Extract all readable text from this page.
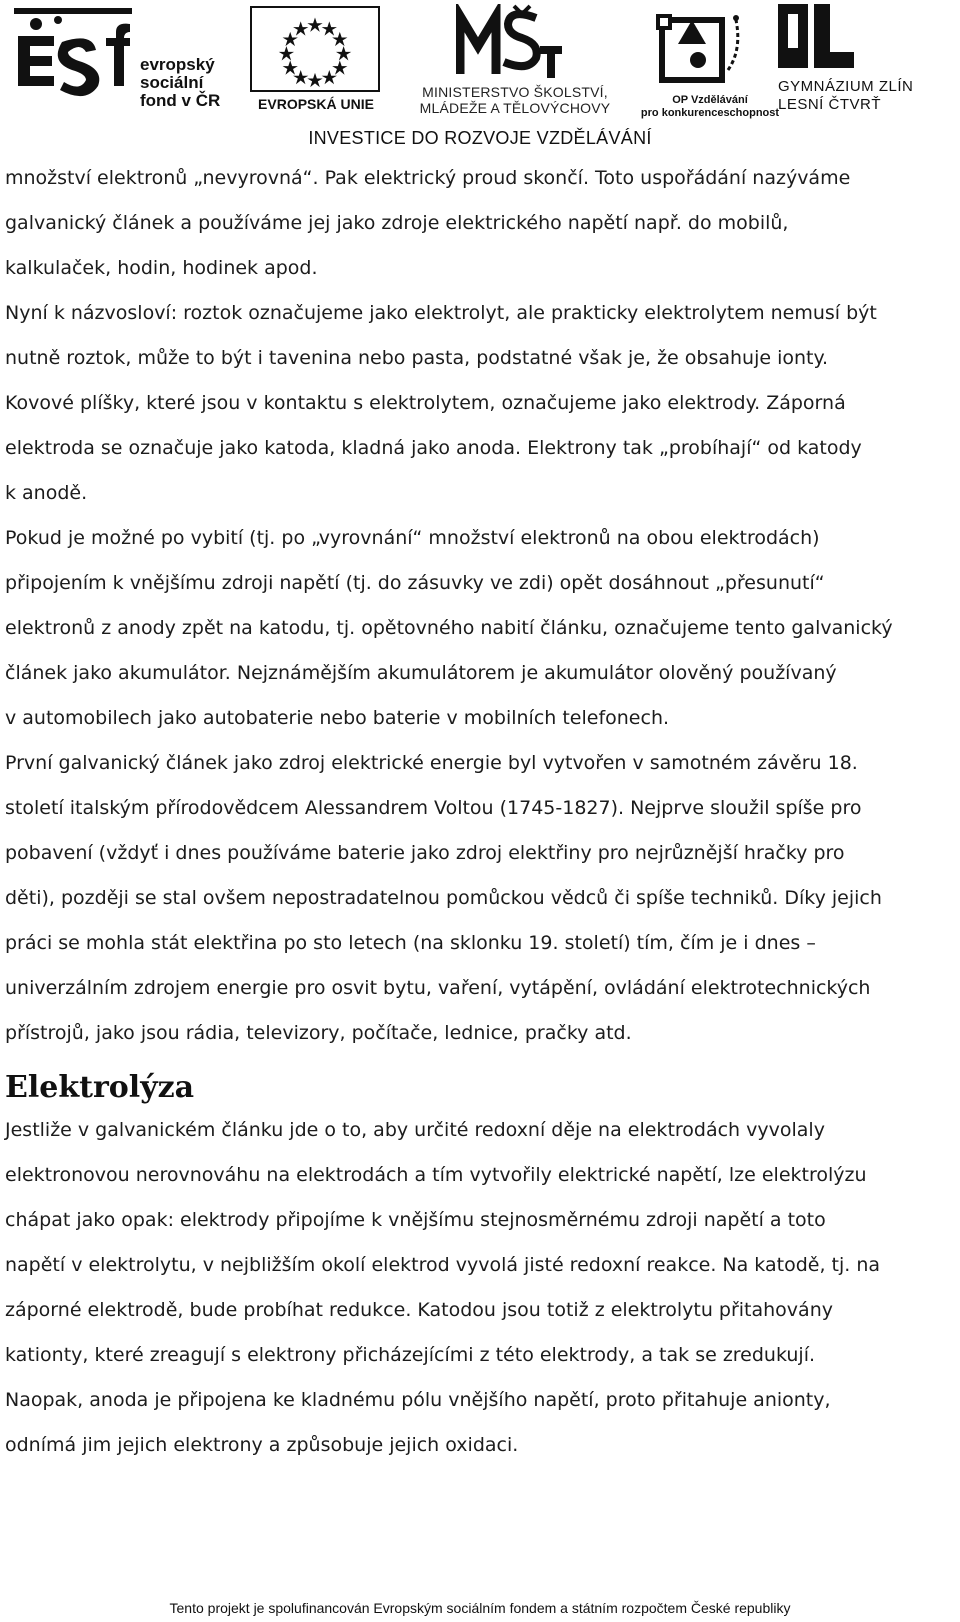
evropský
sociální
fond v ČR	EVROPSKÁ UNIE
MINISTERSTVO ŠKOLSTVÍ,
MLÁDEŽE A TĚLOVÝCHOVY	OP Vzdělávání
pro konkurenceschopnost
GYMNÁZIUM ZLÍN
LESNÍ ČTVRŤ
INVESTICE DO ROZVOJE VZDĚLÁVÁNÍ

množství elektronů „nevyrovná“. Pak elektrický proud skončí. Toto uspořádání nazýváme

galvanický článek a používáme jej jako zdroje elektrického napětí např. do mobilů,

kalkulaček, hodin, hodinek apod.

Nyní k názvosloví: roztok označujeme jako elektrolyt, ale prakticky elektrolytem nemusí být

nutně roztok, může to být i tavenina nebo pasta, podstatné však je, že obsahuje ionty.

Kovové plíšky, které jsou v kontaktu s elektrolytem, označujeme jako elektrody. Záporná

elektroda se označuje jako katoda, kladná jako anoda. Elektrony tak „probíhají“ od katody

k anodě.

Pokud je možné po vybití (tj. po „vyrovnání“ množství elektronů na obou elektrodách)

připojením k vnějšímu zdroji napětí (tj. do zásuvky ve zdi) opět dosáhnout „přesunutí“

elektronů z anody zpět na katodu, tj. opětovného nabití článku, označujeme tento galvanický

článek jako akumulátor. Nejznámějším akumulátorem je akumulátor olověný používaný

v automobilech jako autobaterie nebo baterie v mobilních telefonech.

První galvanický článek jako zdroj elektrické energie byl vytvořen v samotném závěru 18.

století italským přírodovědcem Alessandrem Voltou (1745-1827). Nejprve sloužil spíše pro

pobavení (vždyť i dnes používáme baterie jako zdroj elektřiny pro nejrůznější hračky pro

děti), později se stal ovšem nepostradatelnou pomůckou vědců či spíše techniků. Díky jejich

práci se mohla stát elektřina po sto letech (na sklonku 19. století) tím, čím je i dnes –

univerzálním zdrojem energie pro osvit bytu, vaření, vytápění, ovládání elektrotechnických

přístrojů, jako jsou rádia, televizory, počítače, lednice, pračky atd.

Elektrolýza

Jestliže v galvanickém článku jde o to, aby určité redoxní děje na elektrodách vyvolaly

elektronovou nerovnováhu na elektrodách a tím vytvořily elektrické napětí, lze elektrolýzu

chápat jako opak: elektrody připojíme k vnějšímu stejnosměrnému zdroji napětí a toto

napětí v elektrolytu, v nejbližším okolí elektrod vyvolá jisté redoxní reakce. Na katodě, tj. na

záporné elektrodě, bude probíhat redukce. Katodou jsou totiž z elektrolytu přitahovány

kationty, které zreagují s elektrony přicházejícími z této elektrody, a tak se zredukují.

Naopak, anoda je připojena ke kladnému pólu vnějšího napětí, proto přitahuje anionty,

odnímá jim jejich elektrony a způsobuje jejich oxidaci.

Tento projekt je spolufinancován Evropským sociálním fondem a státním rozpočtem České republiky
